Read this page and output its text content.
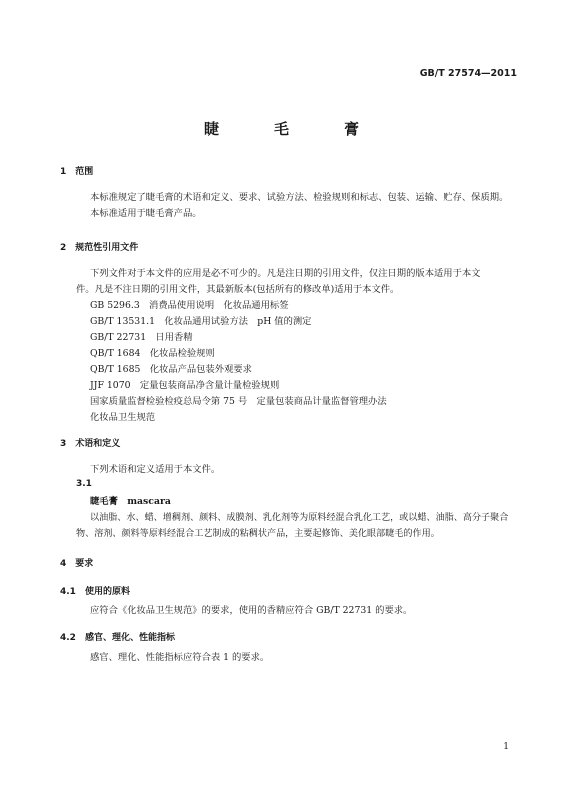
GB/T 27574—2011
睫　毛　膏
1　范围
本标准规定了睫毛膏的术语和定义、要求、试验方法、检验规则和标志、包装、运输、贮存、保质期。
本标准适用于睫毛膏产品。
2　规范性引用文件
下列文件对于本文件的应用是必不可少的。凡是注日期的引用文件，仅注日期的版本适用于本文
件。凡是不注日期的引用文件，其最新版本(包括所有的修改单)适用于本文件。
GB 5296.3　消费品使用说明　化妆品通用标签
GB/T 13531.1　化妆品通用试验方法　pH 值的测定
GB/T 22731　日用香精
QB/T 1684　化妆品检验规则
QB/T 1685　化妆品产品包装外观要求
JJF 1070　定量包装商品净含量计量检验规则
国家质量监督检验检疫总局令第 75 号　定量包装商品计量监督管理办法
化妆品卫生规范
3　术语和定义
下列术语和定义适用于本文件。
3.1
睫毛膏　mascara
以油脂、水、蜡、增稠剂、颜料、成膜剂、乳化剂等为原料经混合乳化工艺，或以蜡、油脂、高分子聚合
物、溶剂、颜料等原料经混合工艺制成的粘稠状产品，主要起修饰、美化眼部睫毛的作用。
4　要求
4.1　使用的原料
应符合《化妆品卫生规范》的要求，使用的香精应符合 GB/T 22731 的要求。
4.2　感官、理化、性能指标
感官、理化、性能指标应符合表 1 的要求。
1
